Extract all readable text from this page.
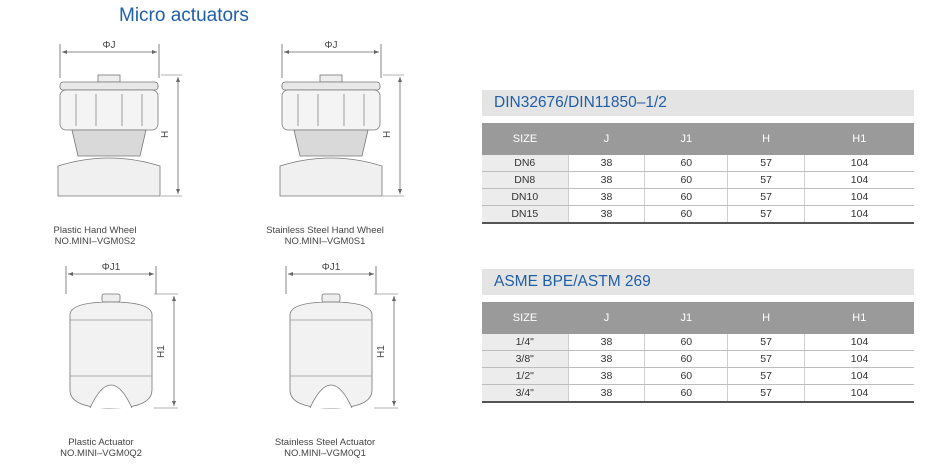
Micro actuators
ΦJ
H
Plastic Hand Wheel
NO.MINI–VGM0S2
ΦJ
H
Stainless Steel Hand Wheel
NO.MINI–VGM0S1
ΦJ1
H1
Plastic Actuator
NO.MINI–VGM0Q2
ΦJ1
H1
Stainless Steel Actuator
NO.MINI–VGM0Q1
DIN32676/DIN11850–1/2
SIZE	J	J1	H	H1
DN6	38	60	57	104
DN8	38	60	57	104
DN10	38	60	57	104
DN15	38	60	57	104
ASME BPE/ASTM 269
SIZE	J	J1	H	H1
1/4"	38	60	57	104
3/8"	38	60	57	104
1/2"	38	60	57	104
3/4"	38	60	57	104
